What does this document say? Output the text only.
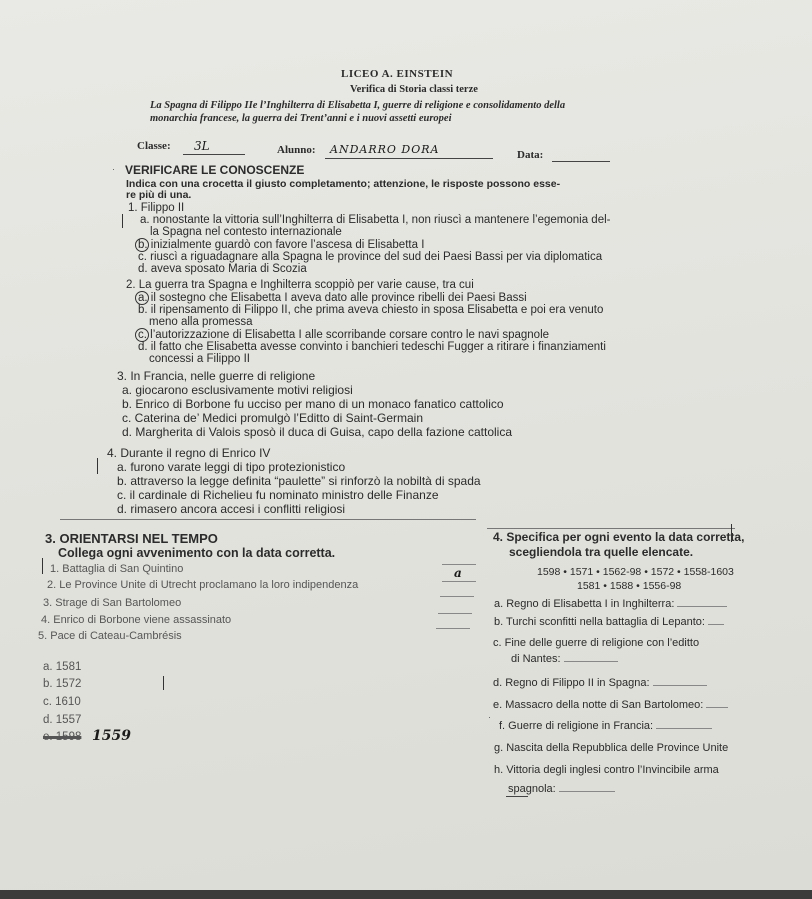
LICEO A. EINSTEIN
Verifica di Storia classi terze
La Spagna di Filippo IIe l’Inghilterra di Elisabetta I, guerre di religione e consolidamento della
monarchia francese, la guerra dei Trent’anni e i nuovi assetti europei
Classe: 3L	Alunno: ANDARRO DORA	Data:
VERIFICARE LE CONOSCENZE
Indica con una crocetta il giusto completamento; attenzione, le risposte possono esse-
re più di una.
1. Filippo II
a. nonostante la vittoria sull’Inghilterra di Elisabetta I, non riuscì a mantenere l’egemonia del-
la Spagna nel contesto internazionale
b. inizialmente guardò con favore l’ascesa di Elisabetta I
c. riuscì a riguadagnare alla Spagna le province del sud dei Paesi Bassi per via diplomatica
d. aveva sposato Maria di Scozia
2. La guerra tra Spagna e Inghilterra scoppiò per varie cause, tra cui
a. il sostegno che Elisabetta I aveva dato alle province ribelli dei Paesi Bassi
b. il ripensamento di Filippo II, che prima aveva chiesto in sposa Elisabetta e poi era venuto
meno alla promessa
c. l’autorizzazione di Elisabetta I alle scorribande corsare contro le navi spagnole
d. il fatto che Elisabetta avesse convinto i banchieri tedeschi Fugger a ritirare i finanziamenti
concessi a Filippo II
3. In Francia, nelle guerre di religione
a. giocarono esclusivamente motivi religiosi
b. Enrico di Borbone fu ucciso per mano di un monaco fanatico cattolico
c. Caterina de’ Medici promulgò l’Editto di Saint-Germain
d. Margherita di Valois sposò il duca di Guisa, capo della fazione cattolica
4. Durante il regno di Enrico IV
a. furono varate leggi di tipo protezionistico
b. attraverso la legge definita “paulette” si rinforzò la nobiltà di spada
c. il cardinale di Richelieu fu nominato ministro delle Finanze
d. rimasero ancora accesi i conflitti religiosi
3. ORIENTARSI NEL TEMPO
Collega ogni avvenimento con la data corretta.
1. Battaglia di San Quintino
2. Le Province Unite di Utrecht proclamano la loro indipendenza
3. Strage di San Bartolomeo
4. Enrico di Borbone viene assassinato
5. Pace di Cateau-Cambrésis
a
a. 1581
b. 1572
c. 1610
d. 1557
e. 1598 1559
4. Specifica per ogni evento la data corretta,
scegliendola tra quelle elencate.
1598 • 1571 • 1562-98 • 1572 • 1558-1603
1581 • 1588 • 1556-98
a. Regno di Elisabetta I in Inghilterra:
b. Turchi sconfitti nella battaglia di Lepanto:
c. Fine delle guerre di religione con l’editto
di Nantes:
d. Regno di Filippo II in Spagna:
e. Massacro della notte di San Bartolomeo:
f. Guerre di religione in Francia:
g. Nascita della Repubblica delle Province Unite
h. Vittoria degli inglesi contro l’Invincibile arma
spagnola:
·
·
